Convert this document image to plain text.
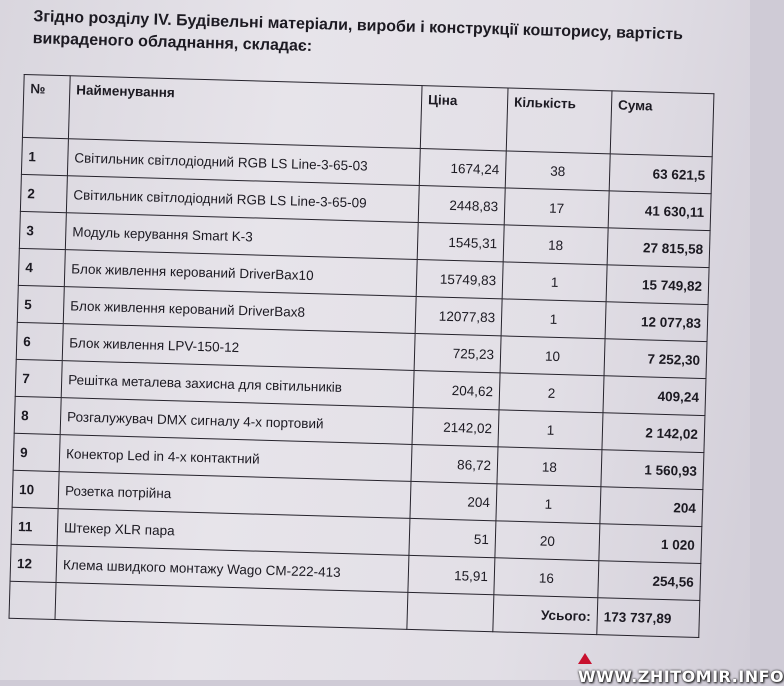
Згідно розділу IV. Будівельні матеріали, вироби і конструкції кошторису, вартість викраденого обладнання, складає:
№	Найменування	Ціна	Кількість	Сума
1	Світильник світлодіодний RGB LS Line-3-65-03	1674,24	38	63 621,5
2	Світильник світлодіодний RGB LS Line-3-65-09	2448,83	17	41 630,11
3	Модуль керування Smart K-3	1545,31	18	27 815,58
4	Блок живлення керований DriverBax10	15749,83	1	15 749,82
5	Блок живлення керований DriverBax8	12077,83	1	12 077,83
6	Блок живлення LPV-150-12	725,23	10	7 252,30
7	Решітка металева захисна для світильників	204,62	2	409,24
8	Розгалужувач DMX сигналу 4-х портовий	2142,02	1	2 142,02
9	Конектор Led in 4-х контактний	86,72	18	1 560,93
10	Розетка потрійна	204	1	204
11	Штекер XLR пара	51	20	1 020
12	Клема швидкого монтажу Wago CM-222-413	15,91	16	254,56
			Усього:	173 737,89
WWW.ZHITOMIR.INFO
